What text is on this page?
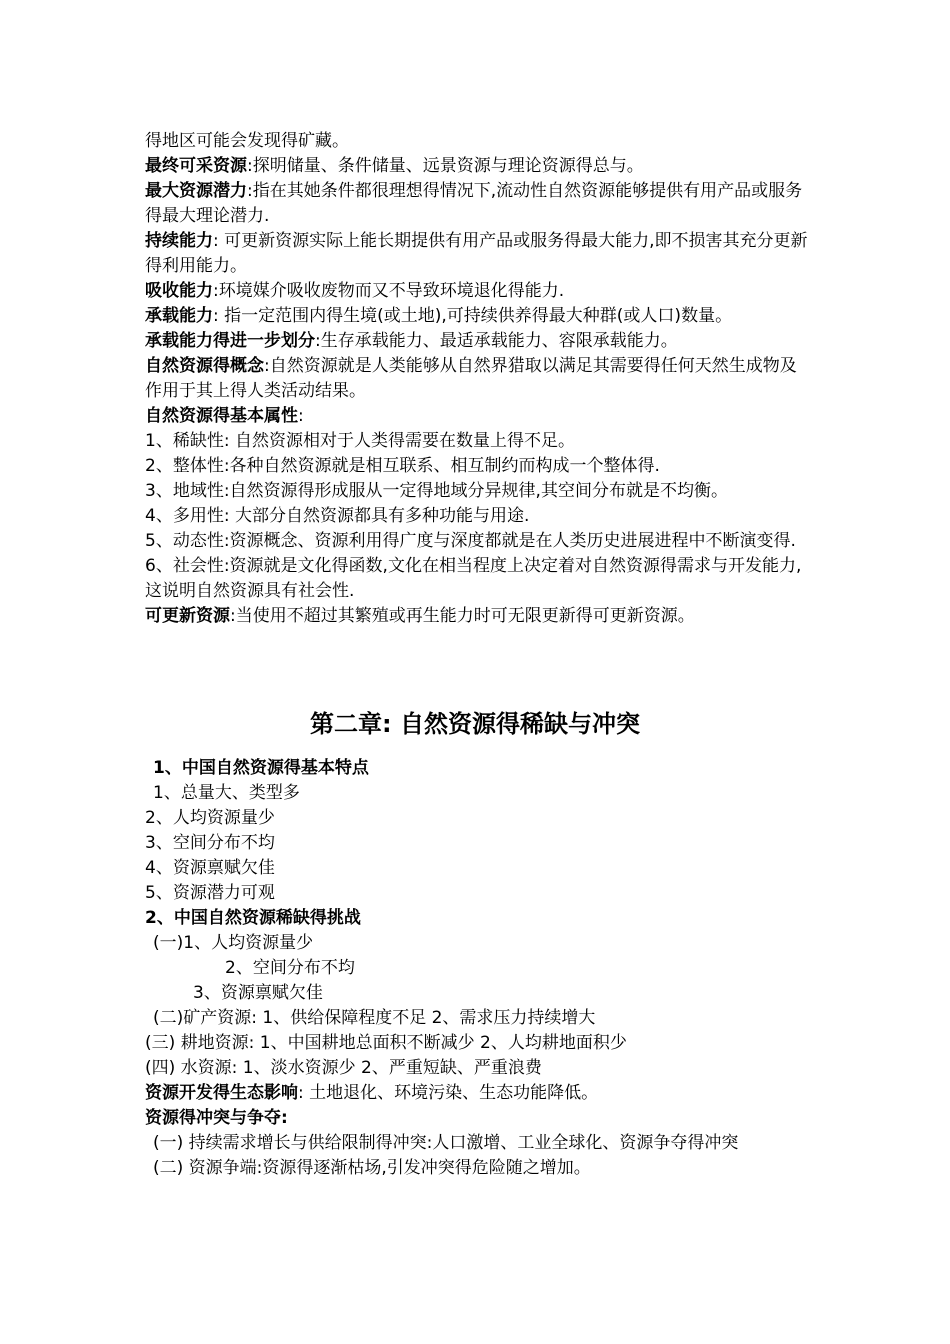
得地区可能会发现得矿藏。

最终可采资源:探明储量、条件储量、远景资源与理论资源得总与。

最大资源潜力:指在其她条件都很理想得情况下,流动性自然资源能够提供有用产品或服务得最大理论潜力.

持续能力: 可更新资源实际上能长期提供有用产品或服务得最大能力,即不损害其充分更新得利用能力。

吸收能力:环境媒介吸收废物而又不导致环境退化得能力.

承载能力: 指一定范围内得生境(或土地),可持续供养得最大种群(或人口)数量。

承载能力得进一步划分:生存承载能力、最适承载能力、容限承载能力。

自然资源得概念:自然资源就是人类能够从自然界猎取以满足其需要得任何天然生成物及作用于其上得人类活动结果。

自然资源得基本属性:

1、稀缺性: 自然资源相对于人类得需要在数量上得不足。

2、整体性:各种自然资源就是相互联系、相互制约而构成一个整体得.

3、地域性:自然资源得形成服从一定得地域分异规律,其空间分布就是不均衡。

4、多用性: 大部分自然资源都具有多种功能与用途.

5、动态性:资源概念、资源利用得广度与深度都就是在人类历史进展进程中不断演变得.

6、社会性:资源就是文化得函数,文化在相当程度上决定着对自然资源得需求与开发能力, 这说明自然资源具有社会性.

可更新资源:当使用不超过其繁殖或再生能力时可无限更新得可更新资源。

第二章: 自然资源得稀缺与冲突

1、中国自然资源得基本特点

1、总量大、类型多

2、人均资源量少

3、空间分布不均

4、资源禀赋欠佳

5、资源潜力可观

2、中国自然资源稀缺得挑战

(一)1、人均资源量少

2、空间分布不均

3、资源禀赋欠佳

(二)矿产资源: 1、供给保障程度不足 2、需求压力持续增大

(三) 耕地资源: 1、中国耕地总面积不断减少 2、人均耕地面积少

(四) 水资源: 1、淡水资源少 2、严重短缺、严重浪费

资源开发得生态影响: 土地退化、环境污染、生态功能降低。

资源得冲突与争夺:

(一) 持续需求增长与供给限制得冲突:人口激增、工业全球化、资源争夺得冲突

(二) 资源争端:资源得逐渐枯场,引发冲突得危险随之增加。
